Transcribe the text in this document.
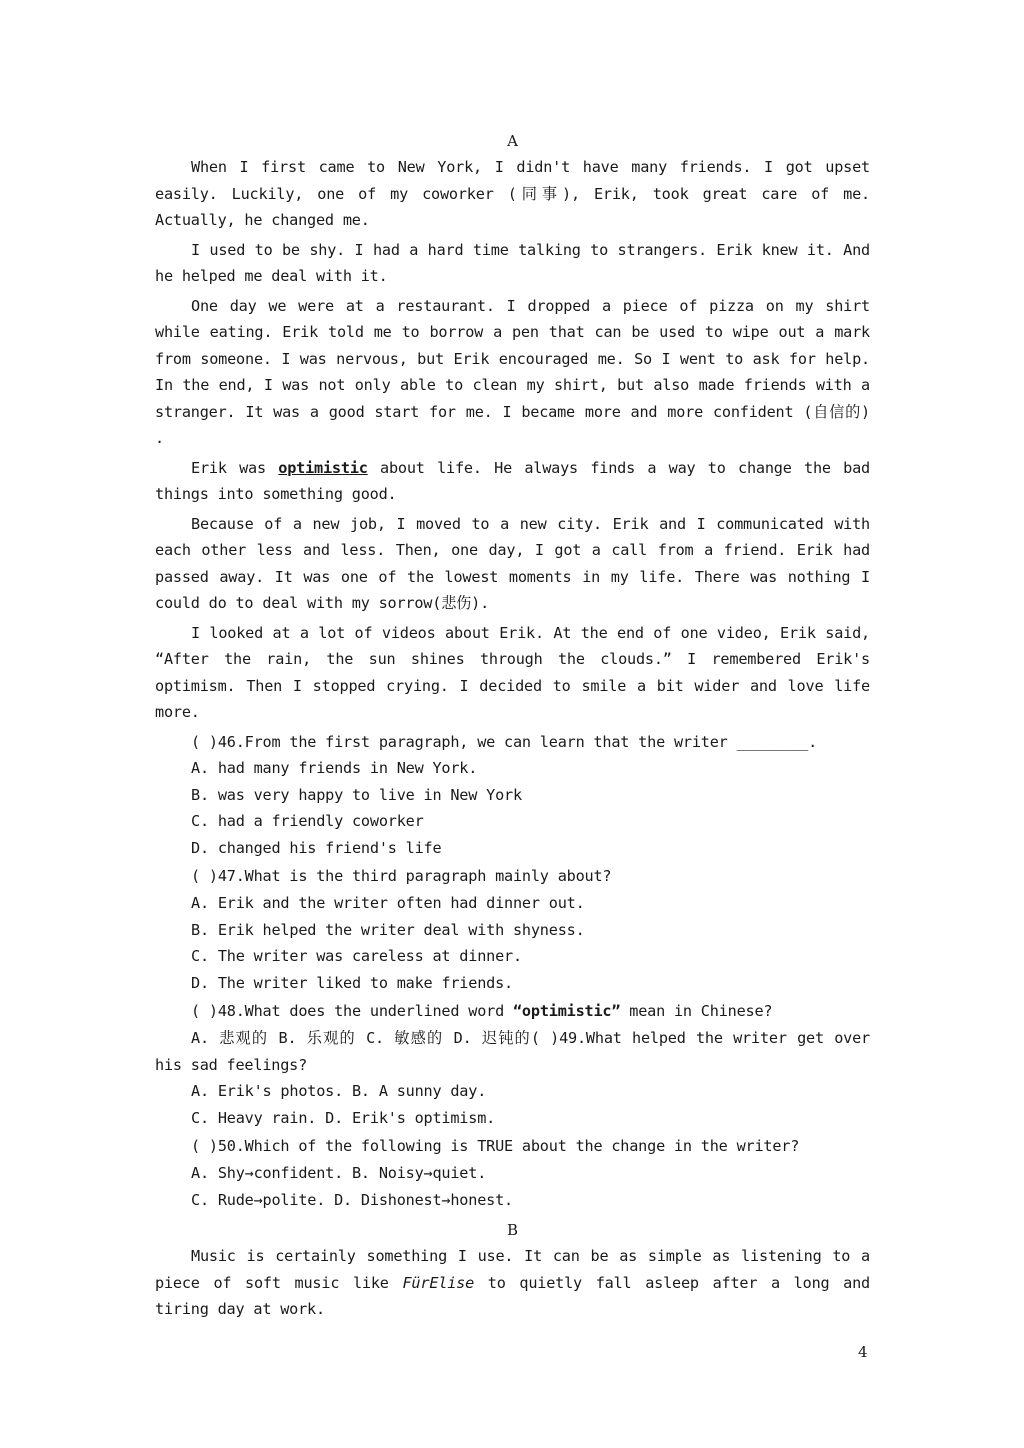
A

When I first came to New York, I didn't have many friends. I got upset easily. Luckily, one of my coworker (同事), Erik, took great care of me. Actually, he changed me.

I used to be shy. I had a hard time talking to strangers. Erik knew it. And he helped me deal with it.

One day we were at a restaurant. I dropped a piece of pizza on my shirt while eating. Erik told me to borrow a pen that can be used to wipe out a mark from someone. I was nervous, but Erik encouraged me. So I went to ask for help. In the end, I was not only able to clean my shirt, but also made friends with a stranger. It was a good start for me. I became more and more confident (自信的) .

Erik was optimistic about life. He always finds a way to change the bad things into something good.

Because of a new job, I moved to a new city. Erik and I communicated with each other less and less. Then, one day, I got a call from a friend. Erik had passed away. It was one of the lowest moments in my life. There was nothing I could do to deal with my sorrow(悲伤).

I looked at a lot of videos about Erik. At the end of one video, Erik said, “After the rain, the sun shines through the clouds.” I remembered Erik's optimism. Then I stopped crying. I decided to smile a bit wider and love life more.

( )46.From the first paragraph, we can learn that the writer ________.

A. had many friends in New York.

B. was very happy to live in New York

C. had a friendly coworker

D. changed his friend's life

( )47.What is the third paragraph mainly about?

A. Erik and the writer often had dinner out.

B. Erik helped the writer deal with shyness.

C. The writer was careless at dinner.

D. The writer liked to make friends.

( )48.What does the underlined word “optimistic” mean in Chinese?

A. 悲观的 B. 乐观的 C. 敏感的 D. 迟钝的( )49.What helped the writer get over his sad feelings?

A. Erik's photos. B. A sunny day.

C. Heavy rain. D. Erik's optimism.

( )50.Which of the following is TRUE about the change in the writer?

A. Shy→confident. B. Noisy→quiet.

C. Rude→polite. D. Dishonest→honest.

B

Music is certainly something I use. It can be as simple as listening to a piece of soft music like FürElise to quietly fall asleep after a long and tiring day at work.

4
